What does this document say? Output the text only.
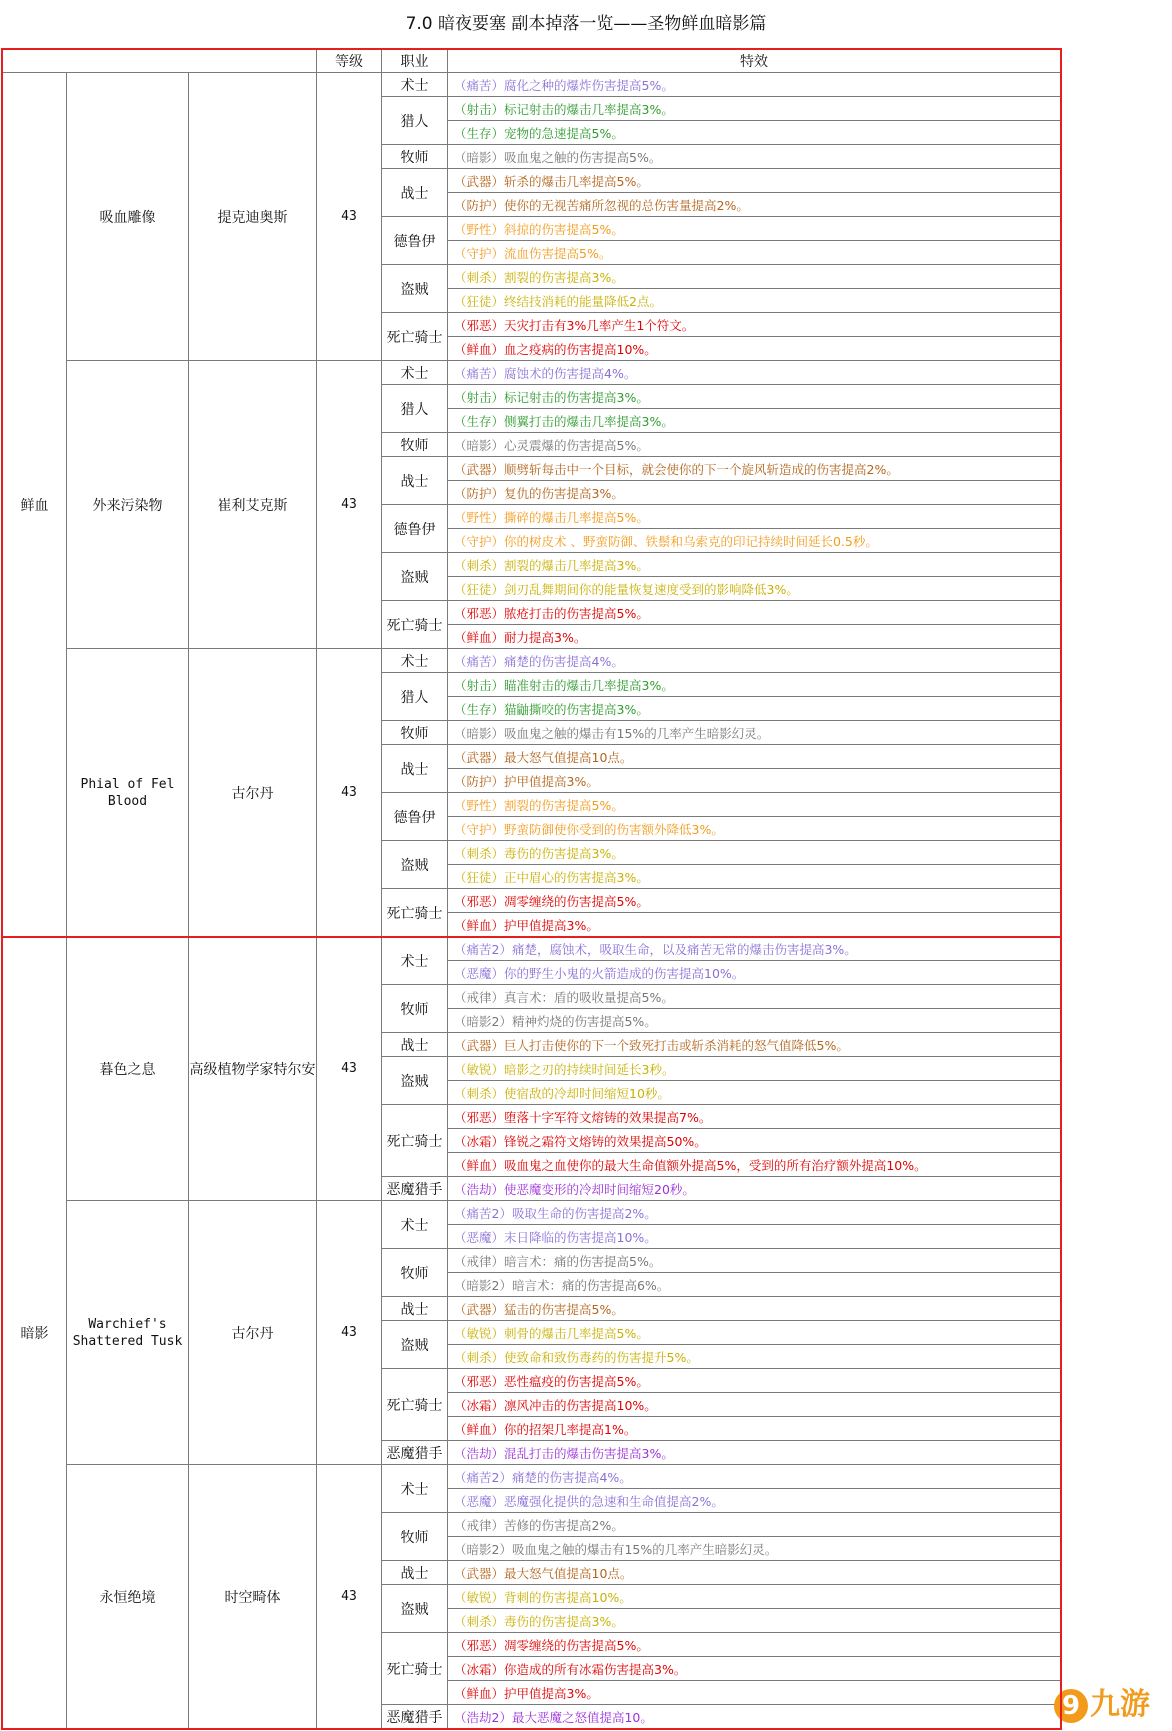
7.0 暗夜要塞 副本掉落一览——圣物鲜血暗影篇
			等级	职业	特效
鲜血	吸血雕像	提克迪奥斯	43	术士	（痛苦）腐化之种的爆炸伤害提高5%。
				猎人	（射击）标记射击的爆击几率提高3%。
					（生存）宠物的急速提高5%。
				牧师	（暗影）吸血鬼之触的伤害提高5%。
				战士	（武器）斩杀的爆击几率提高5%。
					（防护）使你的无视苦痛所忽视的总伤害量提高2%。
				德鲁伊	（野性）斜掠的伤害提高5%。
					（守护）流血伤害提高5%。
				盗贼	（刺杀）割裂的伤害提高3%。
					（狂徒）终结技消耗的能量降低2点。
				死亡骑士	（邪恶）天灾打击有3%几率产生1个符文。
					（鲜血）血之疫病的伤害提高10%。
	外来污染物	崔利艾克斯	43	术士	（痛苦）腐蚀术的伤害提高4%。
				猎人	（射击）标记射击的伤害提高3%。
					（生存）侧翼打击的爆击几率提高3%。
				牧师	（暗影）心灵震爆的伤害提高5%。
				战士	（武器）顺劈斩每击中一个目标，就会使你的下一个旋风斩造成的伤害提高2%。
					（防护）复仇的伤害提高3%。
				德鲁伊	（野性）撕碎的爆击几率提高5%。
					（守护）你的树皮术 、野蛮防御、铁鬃和乌索克的印记持续时间延长0.5秒。
				盗贼	（刺杀）割裂的爆击几率提高3%。
					（狂徒）剑刃乱舞期间你的能量恢复速度受到的影响降低3%。
				死亡骑士	（邪恶）脓疮打击的伤害提高5%。
					（鲜血）耐力提高3%。
	Phial of Fel Blood	古尔丹	43	术士	（痛苦）痛楚的伤害提高4%。
				猎人	（射击）瞄准射击的爆击几率提高3%。
					（生存）猫鼬撕咬的伤害提高3%。
				牧师	（暗影）吸血鬼之触的爆击有15%的几率产生暗影幻灵。
				战士	（武器）最大怒气值提高10点。
					（防护）护甲值提高3%。
				德鲁伊	（野性）割裂的伤害提高5%。
					（守护）野蛮防御使你受到的伤害额外降低3%。
				盗贼	（刺杀）毒伤的伤害提高3%。
					（狂徒）正中眉心的伤害提高3%。
				死亡骑士	（邪恶）凋零缠绕的伤害提高5%。
					（鲜血）护甲值提高3%。
暗影	暮色之息	高级植物学家特尔安	43	术士	（痛苦2）痛楚，腐蚀术，吸取生命，以及痛苦无常的爆击伤害提高3%。
					（恶魔）你的野生小鬼的火箭造成的伤害提高10%。
				牧师	（戒律）真言术：盾的吸收量提高5%。
					（暗影2）精神灼烧的伤害提高5%。
				战士	（武器）巨人打击使你的下一个致死打击或斩杀消耗的怒气值降低5%。
				盗贼	（敏锐）暗影之刃的持续时间延长3秒。
					（刺杀）使宿敌的冷却时间缩短10秒。
				死亡骑士	（邪恶）堕落十字军符文熔铸的效果提高7%。
					（冰霜）锋锐之霜符文熔铸的效果提高50%。
					（鲜血）吸血鬼之血使你的最大生命值额外提高5%，受到的所有治疗额外提高10%。
				恶魔猎手	（浩劫）使恶魔变形的冷却时间缩短20秒。
	Warchief's Shattered Tusk	古尔丹	43	术士	（痛苦2）吸取生命的伤害提高2%。
					（恶魔）末日降临的伤害提高10%。
				牧师	（戒律）暗言术：痛的伤害提高5%。
					（暗影2）暗言术：痛的伤害提高6%。
				战士	（武器）猛击的伤害提高5%。
				盗贼	（敏锐）刺骨的爆击几率提高5%。
					（刺杀）使致命和致伤毒药的伤害提升5%。
				死亡骑士	（邪恶）恶性瘟疫的伤害提高5%。
					（冰霜）凛风冲击的伤害提高10%。
					（鲜血）你的招架几率提高1%。
				恶魔猎手	（浩劫）混乱打击的爆击伤害提高3%。
	永恒绝境	时空畸体	43	术士	（痛苦2）痛楚的伤害提高4%。
					（恶魔）恶魔强化提供的急速和生命值提高2%。
				牧师	（戒律）苦修的伤害提高2%。
					（暗影2）吸血鬼之触的爆击有15%的几率产生暗影幻灵。
				战士	（武器）最大怒气值提高10点。
				盗贼	（敏锐）背刺的伤害提高10%。
					（刺杀）毒伤的伤害提高3%。
				死亡骑士	（邪恶）凋零缠绕的伤害提高5%。
					（冰霜）你造成的所有冰霜伤害提高3%。
					（鲜血）护甲值提高3%。
				恶魔猎手	（浩劫2）最大恶魔之怒值提高10。	9 九游
